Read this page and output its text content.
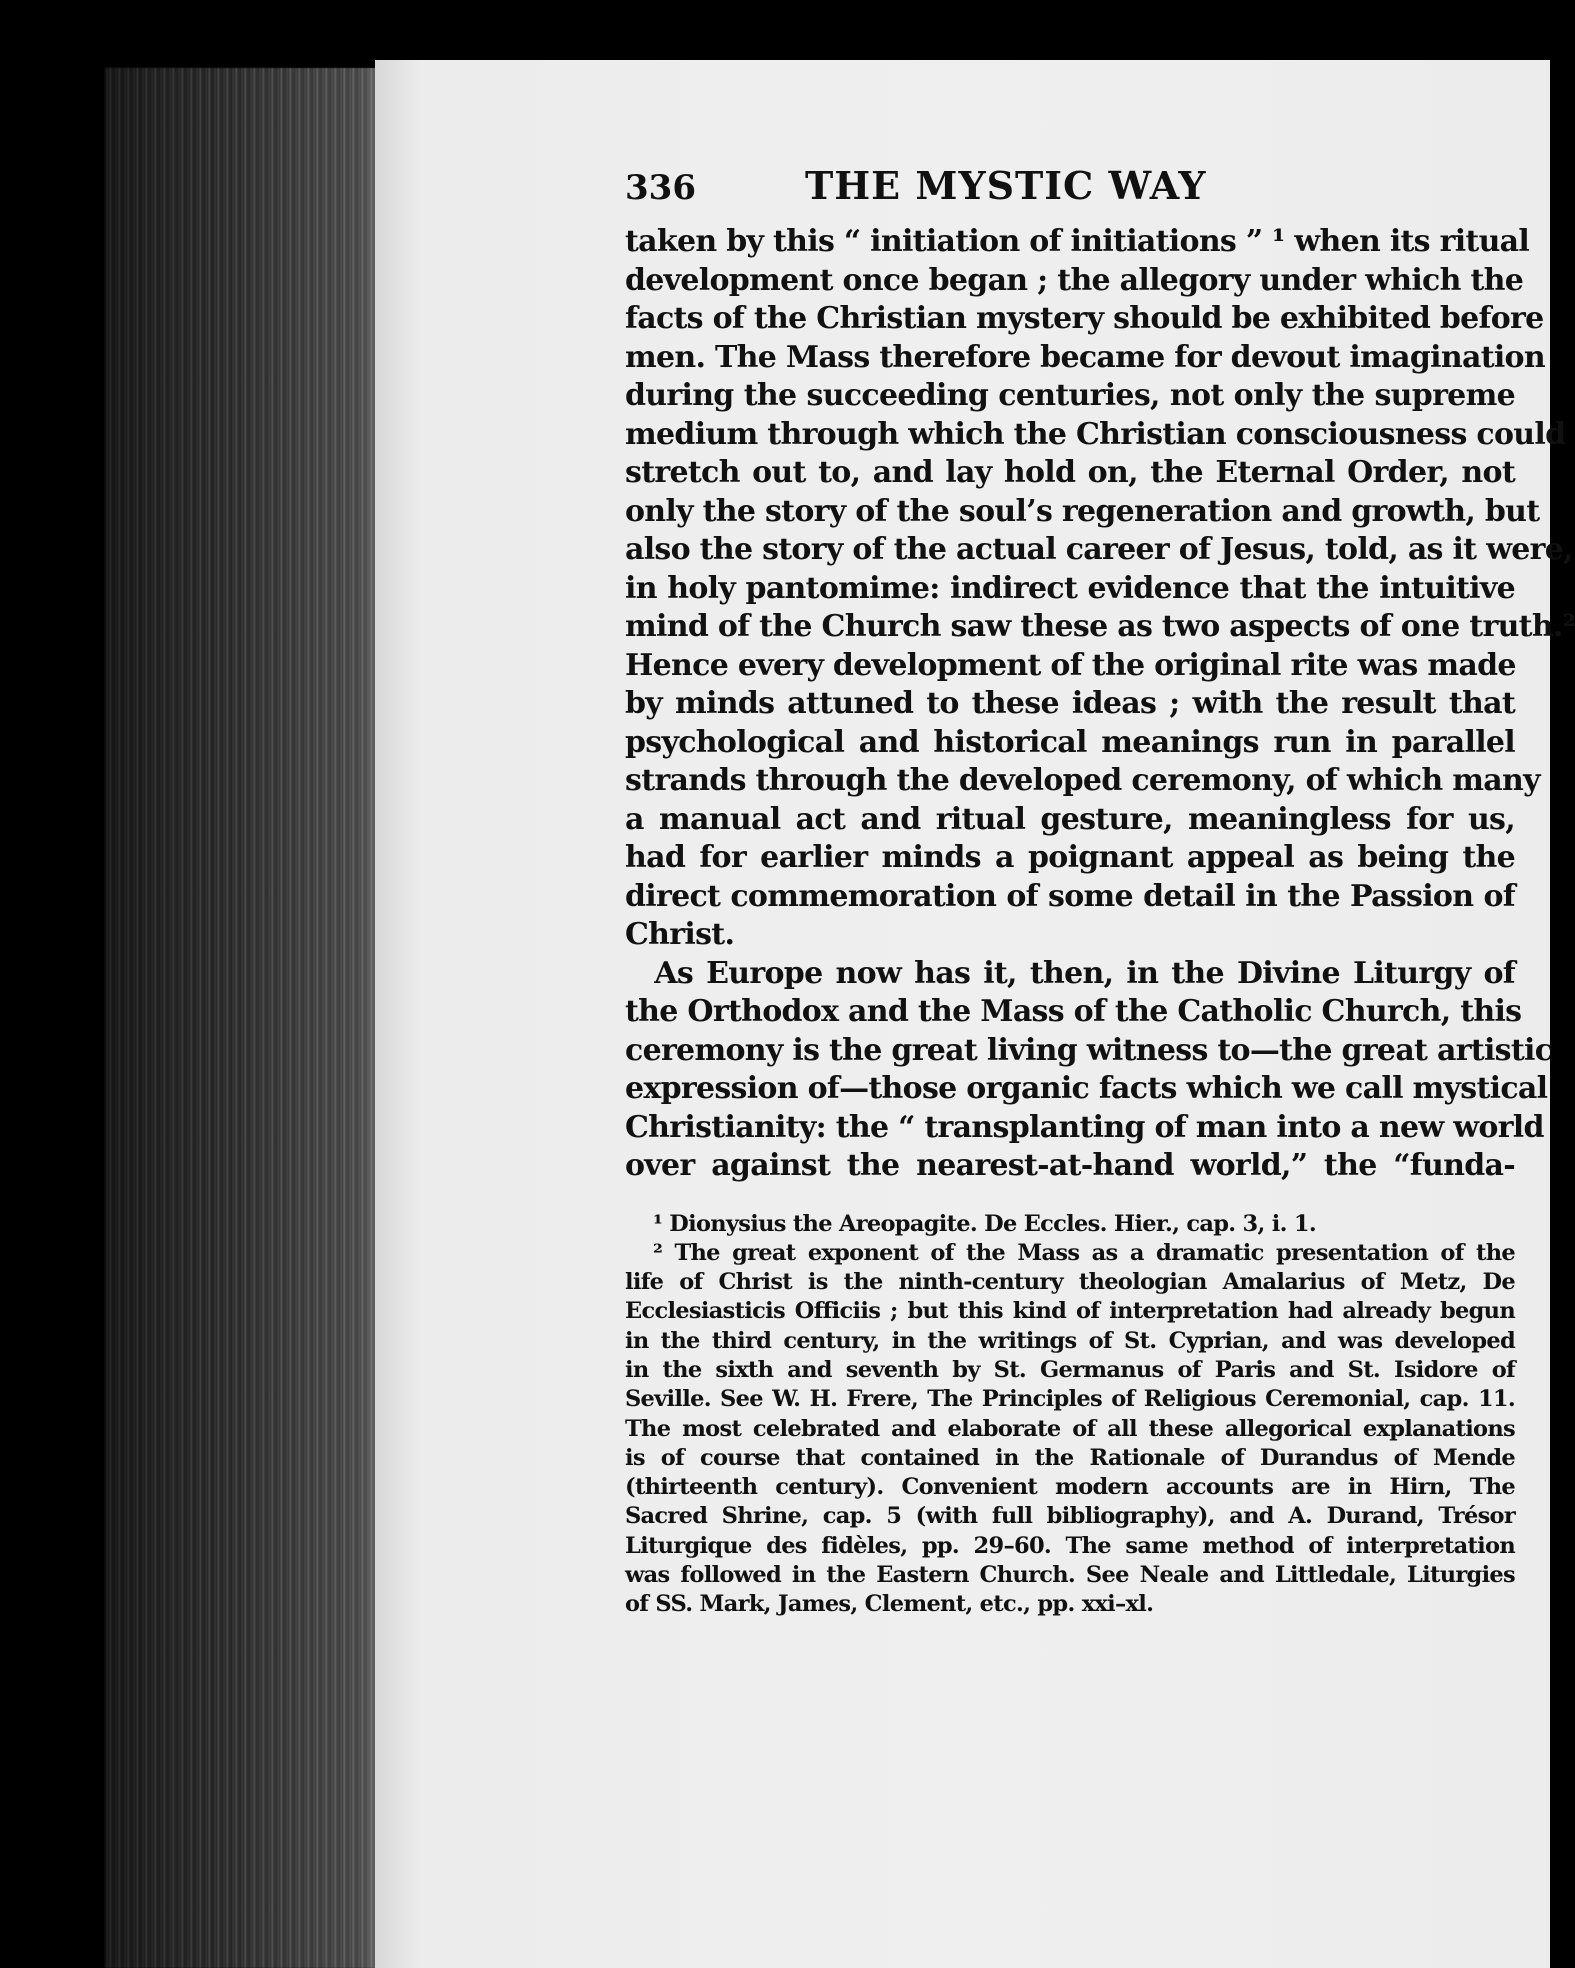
336	THE MYSTIC WAY
taken by this “ initiation of initiations ” ¹ when its ritual
development once began ; the allegory under which the
facts of the Christian mystery should be exhibited before
men. The Mass therefore became for devout imagination
during the succeeding centuries, not only the supreme
medium through which the Christian consciousness could
stretch out to, and lay hold on, the Eternal Order, not
only the story of the soul’s regeneration and growth, but
also the story of the actual career of Jesus, told, as it were,
in holy pantomime: indirect evidence that the intuitive
mind of the Church saw these as two aspects of one truth.²
Hence every development of the original rite was made
by minds attuned to these ideas ; with the result that
psychological and historical meanings run in parallel
strands through the developed ceremony, of which many
a manual act and ritual gesture, meaningless for us,
had for earlier minds a poignant appeal as being the
direct commemoration of some detail in the Passion of
Christ.
 As Europe now has it, then, in the Divine Liturgy of
the Orthodox and the Mass of the Catholic Church, this
ceremony is the great living witness to—the great artistic
expression of—those organic facts which we call mystical
Christianity: the “ transplanting of man into a new world
over against the nearest-at-hand world,” the “funda-
¹ Dionysius the Areopagite. De Eccles. Hier., cap. 3, i. 1.
² The great exponent of the Mass as a dramatic presentation of the
life of Christ is the ninth-century theologian Amalarius of Metz, De
Ecclesiasticis Officiis ; but this kind of interpretation had already begun
in the third century, in the writings of St. Cyprian, and was developed
in the sixth and seventh by St. Germanus of Paris and St. Isidore of
Seville. See W. H. Frere, The Principles of Religious Ceremonial, cap. 11.
The most celebrated and elaborate of all these allegorical explanations
is of course that contained in the Rationale of Durandus of Mende
(thirteenth century). Convenient modern accounts are in Hirn, The
Sacred Shrine, cap. 5 (with full bibliography), and A. Durand, Trésor
Liturgique des fidèles, pp. 29–60. The same method of interpretation
was followed in the Eastern Church. See Neale and Littledale, Liturgies
of SS. Mark, James, Clement, etc., pp. xxi–xl.
